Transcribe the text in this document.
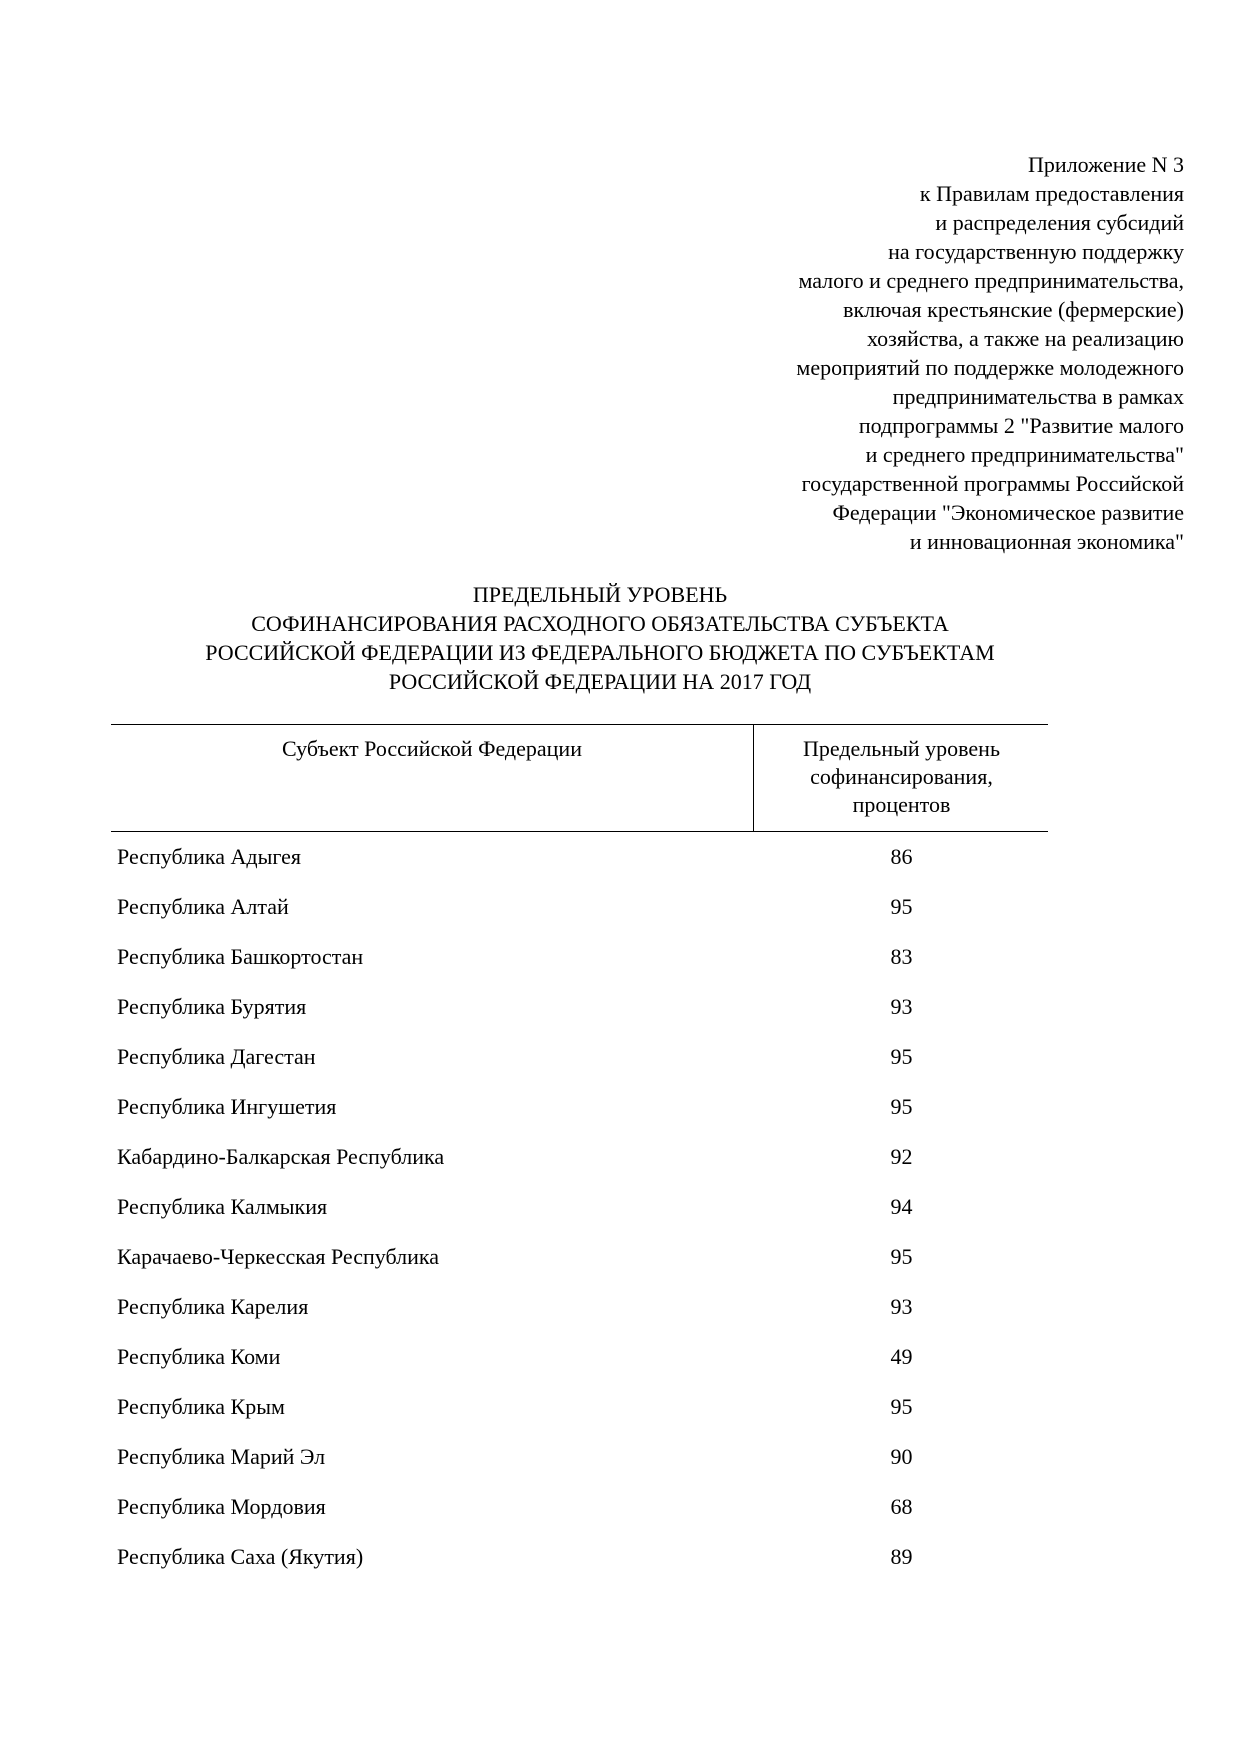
Приложение N 3
к Правилам предоставления
и распределения субсидий
на государственную поддержку
малого и среднего предпринимательства,
включая крестьянские (фермерские)
хозяйства, а также на реализацию
мероприятий по поддержке молодежного
предпринимательства в рамках
подпрограммы 2 "Развитие малого
и среднего предпринимательства"
государственной программы Российской
Федерации "Экономическое развитие
и инновационная экономика"
ПРЕДЕЛЬНЫЙ УРОВЕНЬ
СОФИНАНСИРОВАНИЯ РАСХОДНОГО ОБЯЗАТЕЛЬСТВА СУБЪЕКТА
РОССИЙСКОЙ ФЕДЕРАЦИИ ИЗ ФЕДЕРАЛЬНОГО БЮДЖЕТА ПО СУБЪЕКТАМ
РОССИЙСКОЙ ФЕДЕРАЦИИ НА 2017 ГОД
Субъект Российской Федерации	Предельный уровень
софинансирования,
процентов
Республика Адыгея	86
Республика Алтай	95
Республика Башкортостан	83
Республика Бурятия	93
Республика Дагестан	95
Республика Ингушетия	95
Кабардино-Балкарская Республика	92
Республика Калмыкия	94
Карачаево-Черкесская Республика	95
Республика Карелия	93
Республика Коми	49
Республика Крым	95
Республика Марий Эл	90
Республика Мордовия	68
Республика Саха (Якутия)	89
